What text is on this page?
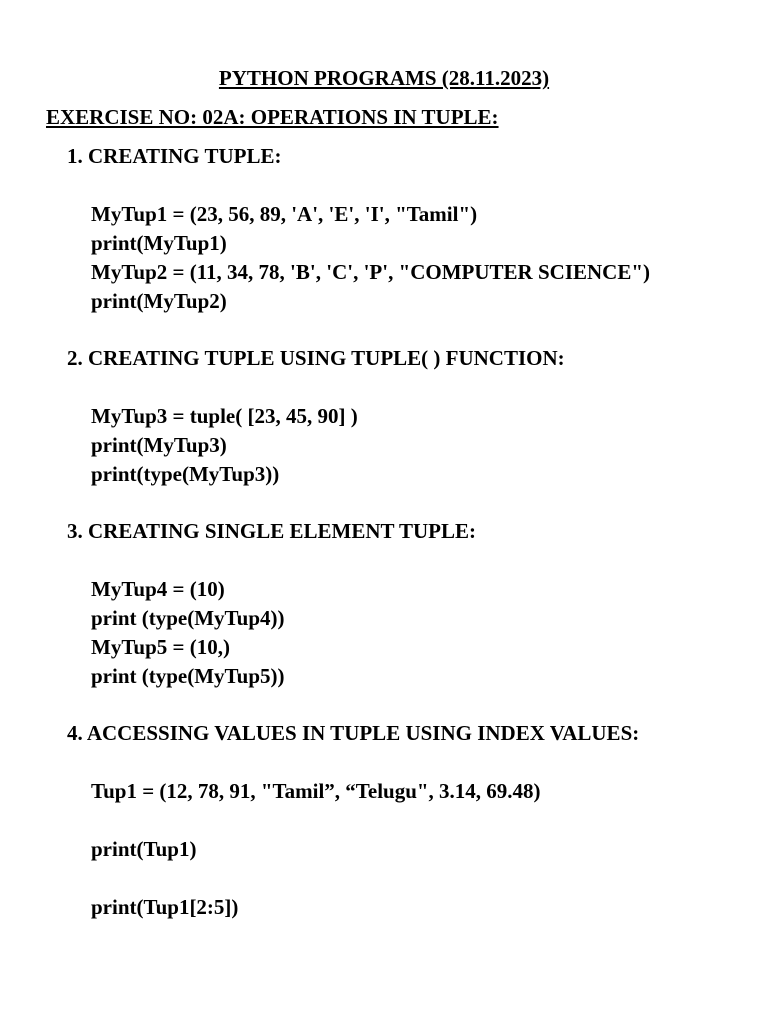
PYTHON PROGRAMS (28.11.2023)
EXERCISE NO: 02A: OPERATIONS IN TUPLE:
1. CREATING TUPLE:
MyTup1 = (23, 56, 89, 'A', 'E', 'I', "Tamil")
print(MyTup1)
MyTup2 = (11, 34, 78, 'B', 'C', 'P', "COMPUTER SCIENCE")
print(MyTup2)
2. CREATING TUPLE USING TUPLE( ) FUNCTION:
MyTup3 = tuple( [23, 45, 90] )
print(MyTup3)
print(type(MyTup3))
3. CREATING SINGLE ELEMENT TUPLE:
MyTup4 = (10)
print (type(MyTup4))
MyTup5 = (10,)
print (type(MyTup5))
4. ACCESSING VALUES IN TUPLE USING INDEX VALUES:
Tup1 = (12, 78, 91, "Tamil”, “Telugu", 3.14, 69.48)
print(Tup1)
print(Tup1[2:5])
